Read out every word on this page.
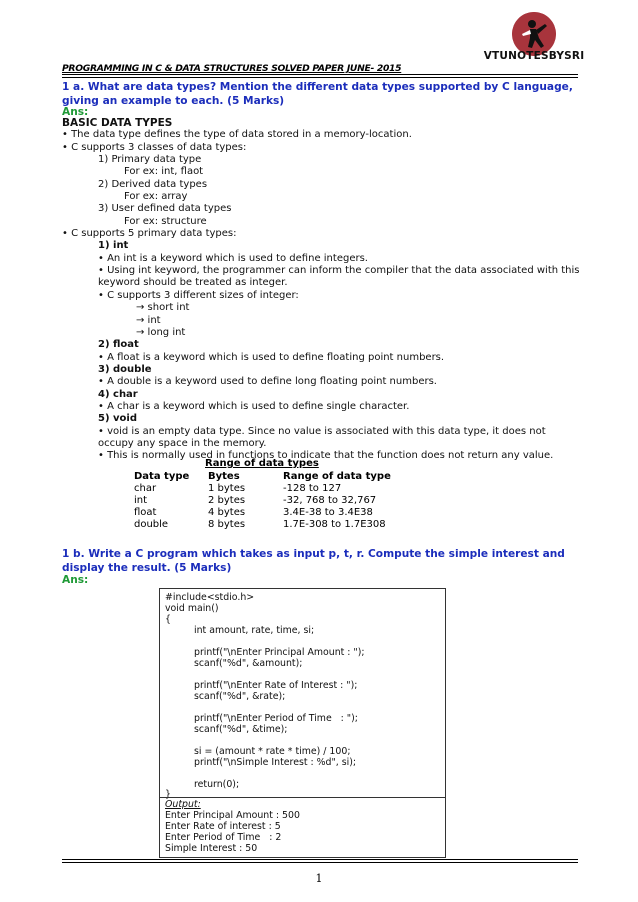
VTUNOTESBYSRI
PROGRAMMING IN C & DATA STRUCTURES SOLVED PAPER JUNE- 2015
1 a. What are data types? Mention the different data types supported by C language, giving an example to each. (5 Marks)
Ans:
BASIC DATA TYPES
• The data type defines the type of data stored in a memory-location.
• C supports 3 classes of data types:
1) Primary data type
For ex: int, flaot
2) Derived data types
For ex: array
3) User defined data types
For ex: structure
• C supports 5 primary data types:
1) int
• An int is a keyword which is used to define integers.
• Using int keyword, the programmer can inform the compiler that the data associated with this
keyword should be treated as integer.
• C supports 3 different sizes of integer:
→ short int
→ int
→ long int
2) float
• A float is a keyword which is used to define floating point numbers.
3) double
• A double is a keyword used to define long floating point numbers.
4) char
• A char is a keyword which is used to define single character.
5) void
• void is an empty data type. Since no value is associated with this data type, it does not
occupy any space in the memory.
• This is normally used in functions to indicate that the function does not return any value.
Range of data types
Data type	Bytes	Range of data type
char	1 bytes	-128 to 127
int	2 bytes	-32, 768 to 32,767
float	4 bytes	3.4E-38 to 3.4E38
double	8 bytes	1.7E-308 to 1.7E308
1 b. Write a C program which takes as input p, t, r. Compute the simple interest and display the result. (5 Marks)
Ans:
#include<stdio.h>
void main()
{
int amount, rate, time, si;
printf("\nEnter Principal Amount : ");
scanf("%d", &amount);
printf("\nEnter Rate of Interest : ");
scanf("%d", &rate);
printf("\nEnter Period of Time   : ");
scanf("%d", &time);
si = (amount * rate * time) / 100;
printf("\nSimple Interest : %d", si);
return(0);
}
Output:
Enter Principal Amount : 500
Enter Rate of interest : 5
Enter Period of Time   : 2
Simple Interest : 50
1
